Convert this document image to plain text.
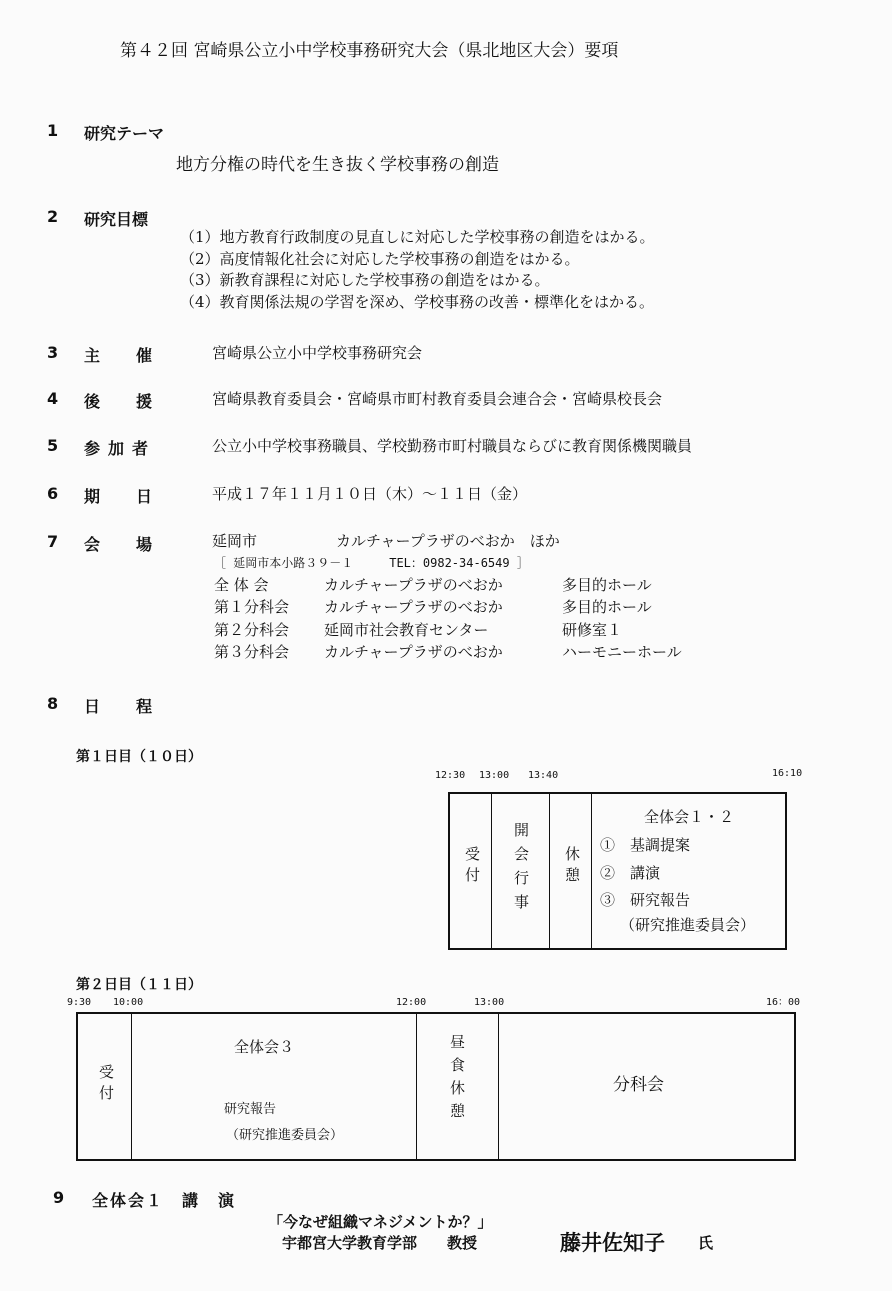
第４２回 宮崎県公立小中学校事務研究大会（県北地区大会）要項
1 研究テーマ
地方分権の時代を生き抜く学校事務の創造
2 研究目標
（1）地方教育行政制度の見直しに対応した学校事務の創造をはかる。
（2）高度情報化社会に対応した学校事務の創造をはかる。
（3）新教育課程に対応した学校事務の創造をはかる。
（4）教育関係法規の学習を深め、学校事務の改善・標準化をはかる。
3 主　催	宮崎県公立小中学校事務研究会
4 後　援	宮崎県教育委員会・宮崎県市町村教育委員会連合会・宮崎県校長会
5 参加者	公立小中学校事務職員、学校勤務市町村職員ならびに教育関係機関職員
6 期　日	平成１７年１１月１０日（木）～１１日（金）
7 会　場	延岡市	カルチャープラザのべおか　ほか
［ 延岡市本小路３９－１　　　TEL：0982-34-6549 ］
全 体 会	カルチャープラザのべおか	多目的ホール
第１分科会 カルチャープラザのべおか	多目的ホール
第２分科会 延岡市社会教育センター	研修室１
第３分科会 カルチャープラザのべおか	ハーモニーホール
8 日　程
第１日目（１０日）
12:30 13:00 13:40	16:10
受付 開会行事 休憩
全体会１・２
①　基調提案
②　講演
③　研究報告
（研究推進委員会）
第２日目（１１日）
9:30 10:00	12:00	13:00	16：00
受付
全体会３
研究報告
（研究推進委員会）
昼食休憩	分科会
9 全体会１　講　演
「今なぜ組織マネジメントか？」
宇都宮大学教育学部　　教授	藤井佐知子 氏
